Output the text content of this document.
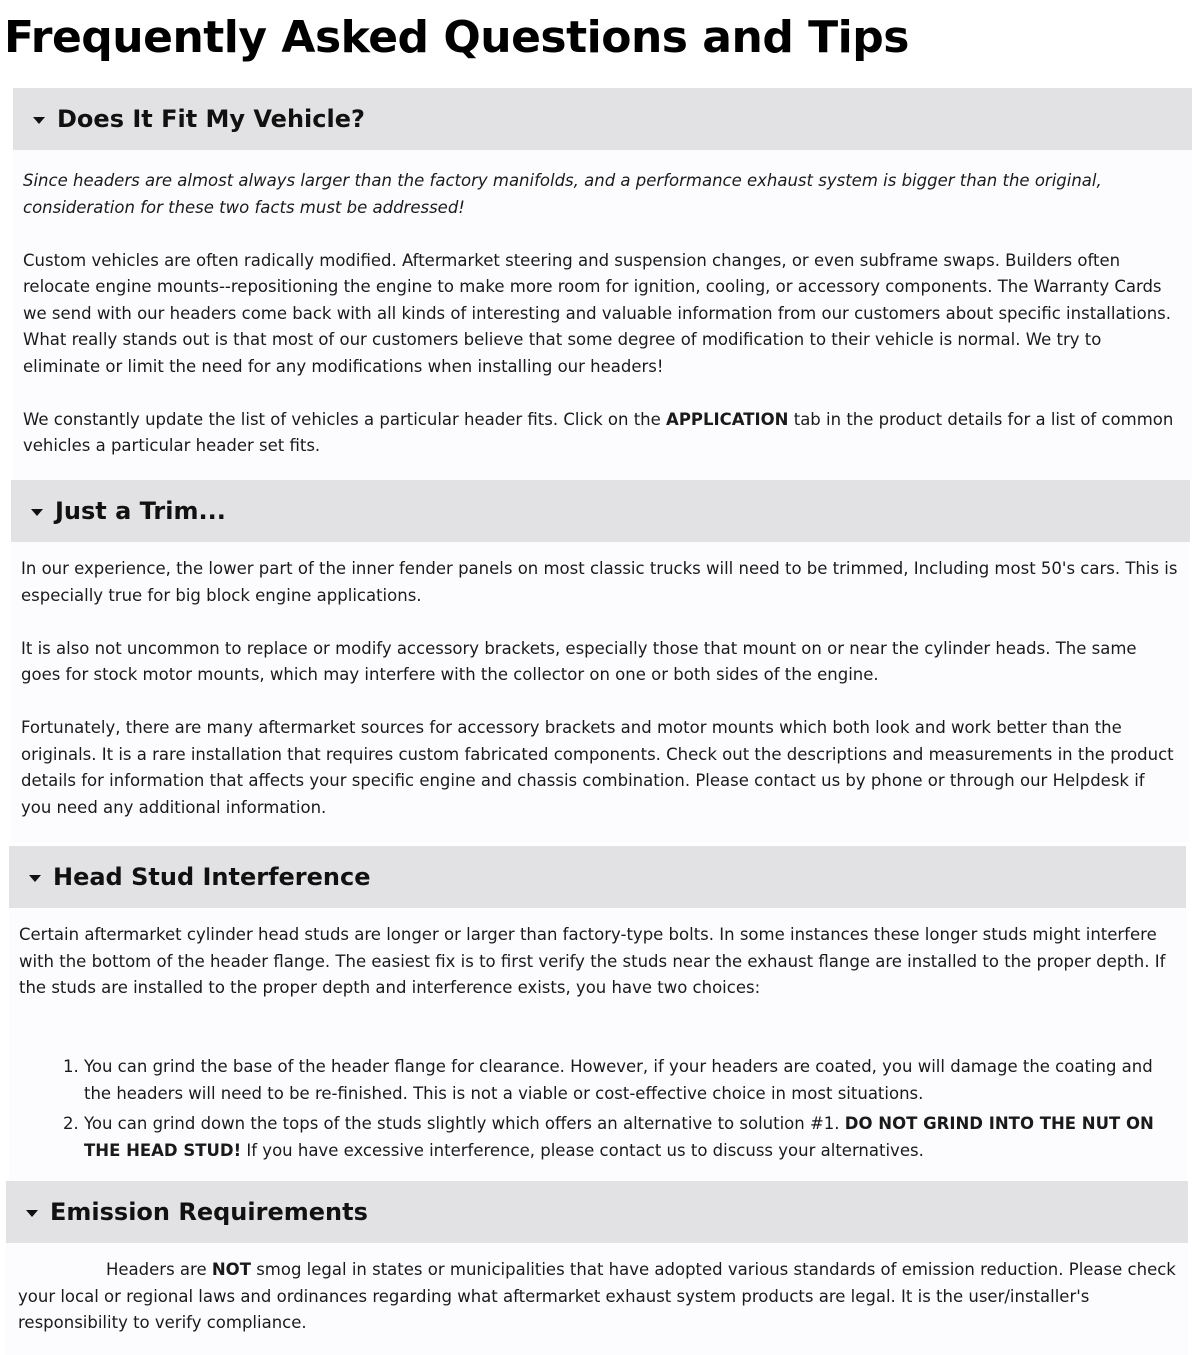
Frequently Asked Questions and Tips
Does It Fit My Vehicle?

Since headers are almost always larger than the factory manifolds, and a performance exhaust system is bigger than the original, consideration for these two facts must be addressed!

Custom vehicles are often radically modified. Aftermarket steering and suspension changes, or even subframe swaps. Builders often relocate engine mounts--repositioning the engine to make more room for ignition, cooling, or accessory components. The Warranty Cards we send with our headers come back with all kinds of interesting and valuable information from our customers about specific installations. What really stands out is that most of our customers believe that some degree of modification to their vehicle is normal. We try to eliminate or limit the need for any modifications when installing our headers!

We constantly update the list of vehicles a particular header fits. Click on the APPLICATION tab in the product details for a list of common vehicles a particular header set fits.

Just a Trim...

In our experience, the lower part of the inner fender panels on most classic trucks will need to be trimmed, Including most 50's cars. This is especially true for big block engine applications.

It is also not uncommon to replace or modify accessory brackets, especially those that mount on or near the cylinder heads. The same goes for stock motor mounts, which may interfere with the collector on one or both sides of the engine.

Fortunately, there are many aftermarket sources for accessory brackets and motor mounts which both look and work better than the originals. It is a rare installation that requires custom fabricated components. Check out the descriptions and measurements in the product details for information that affects your specific engine and chassis combination. Please contact us by phone or through our Helpdesk if you need any additional information.

Head Stud Interference

Certain aftermarket cylinder head studs are longer or larger than factory-type bolts. In some instances these longer studs might interfere with the bottom of the header flange. The easiest fix is to first verify the studs near the exhaust flange are installed to the proper depth. If the studs are installed to the proper depth and interference exists, you have two choices:

1. You can grind the base of the header flange for clearance. However, if your headers are coated, you will damage the coating and the headers will need to be re-finished. This is not a viable or cost-effective choice in most situations.
2. You can grind down the tops of the studs slightly which offers an alternative to solution #1. DO NOT GRIND INTO THE NUT ON THE HEAD STUD! If you have excessive interference, please contact us to discuss your alternatives.
Emission Requirements

Headers are NOT smog legal in states or municipalities that have adopted various standards of emission reduction. Please check your local or regional laws and ordinances regarding what aftermarket exhaust system products are legal. It is the user/installer's responsibility to verify compliance.
